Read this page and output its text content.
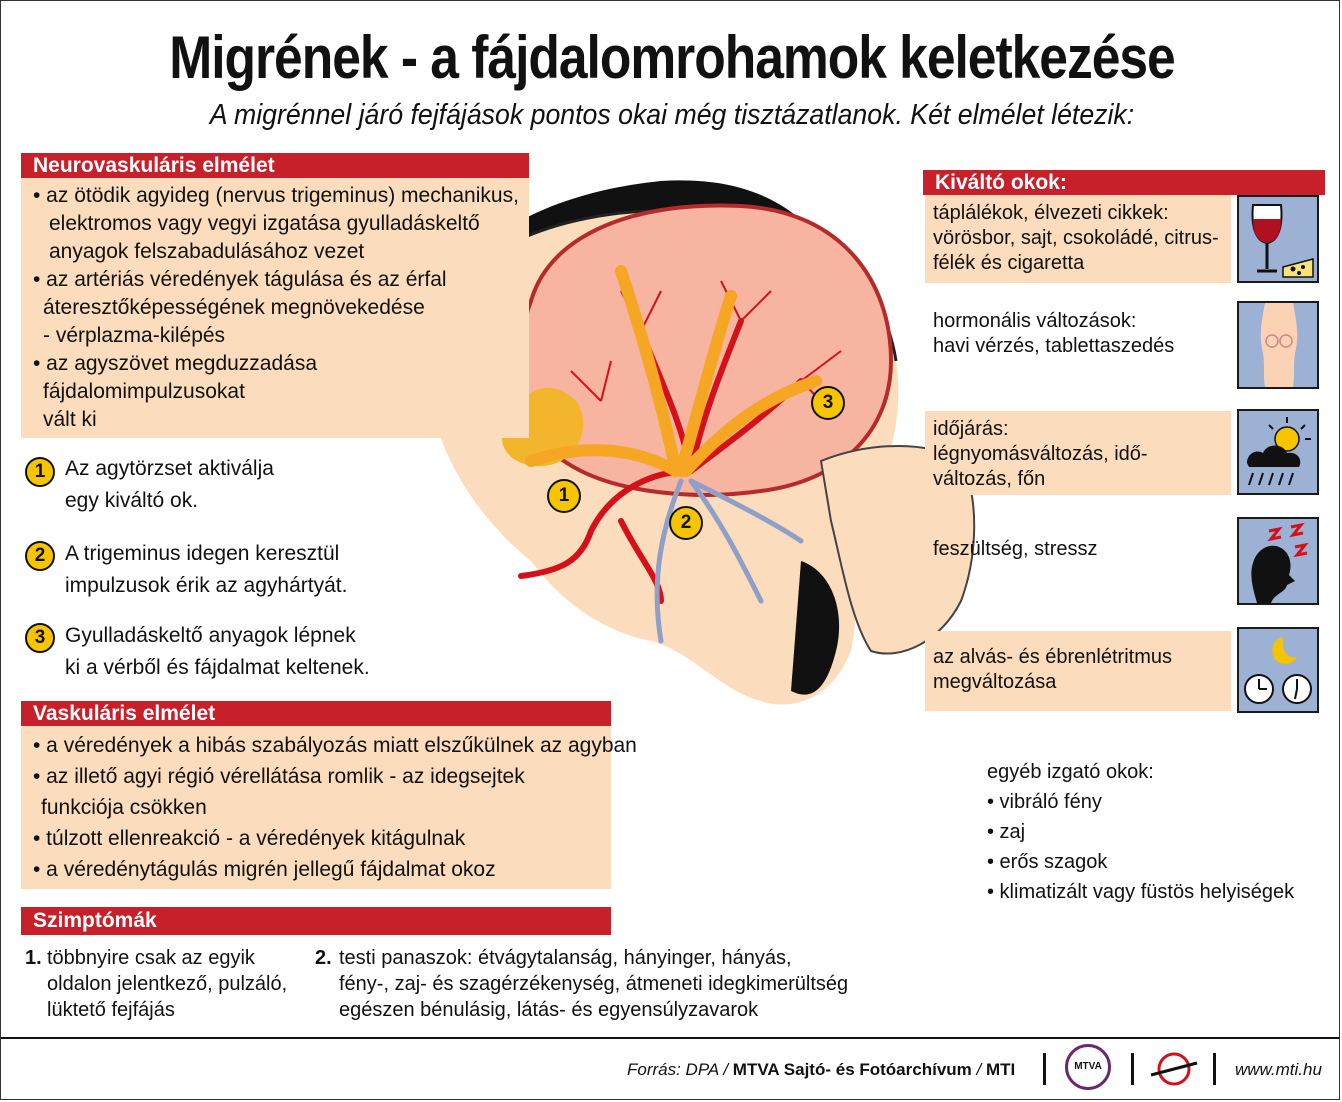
Migrének - a fájdalomrohamok keletkezése
A migrénnel járó fejfájások pontos okai még tisztázatlanok. Két elmélet létezik:
Neurovaskuláris elmélet
• az ötödik agyideg (nervus trigeminus) mechanikus,
elektromos vagy vegyi izgatása gyulladáskeltő
anyagok felszabadulásához vezet
• az artériás véredények tágulása és az érfal
áteresztőképességének megnövekedése
- vérplazma-kilépés
• az agyszövet megduzzadása
fájdalomimpulzusokat
vált ki
1 Az agytörzset aktiválja
egy kiváltó ok.
2 A trigeminus idegen keresztül
impulzusok érik az agyhártyát.
3 Gyulladáskeltő anyagok lépnek
ki a vérből és fájdalmat keltenek.
1
2
3
Vaskuláris elmélet
• a véredények a hibás szabályozás miatt elszűkülnek az agyban
• az illető agyi régió vérellátása romlik - az idegsejtek
funkciója csökken
• túlzott ellenreakció - a véredények kitágulnak
• a véredénytágulás migrén jellegű fájdalmat okoz
Szimptómák
1. többnyire csak az egyik
oldalon jelentkező, pulzáló,
lüktető fejfájás
2. testi panaszok: étvágytalanság, hányinger, hányás,
fény-, zaj- és szagérzékenység, átmeneti idegkimerültség
egészen bénulásig, látás- és egyensúlyzavarok
Kiváltó okok:
táplálékok, élvezeti cikkek:
vörösbor, sajt, csokoládé, citrus-
félék és cigaretta
hormonális változások:
havi vérzés, tablettaszedés
időjárás:
légnyomásváltozás, idő-
változás, főn
feszültség, stressz
az alvás- és ébrenlétritmus
megváltozása
egyéb izgató okok:
• vibráló fény
• zaj
• erős szagok
• klimatizált vagy füstös helyiségek
Forrás: DPA / MTVA Sajtó- és Fotóarchívum / MTI	MTVA	www.mti.hu
